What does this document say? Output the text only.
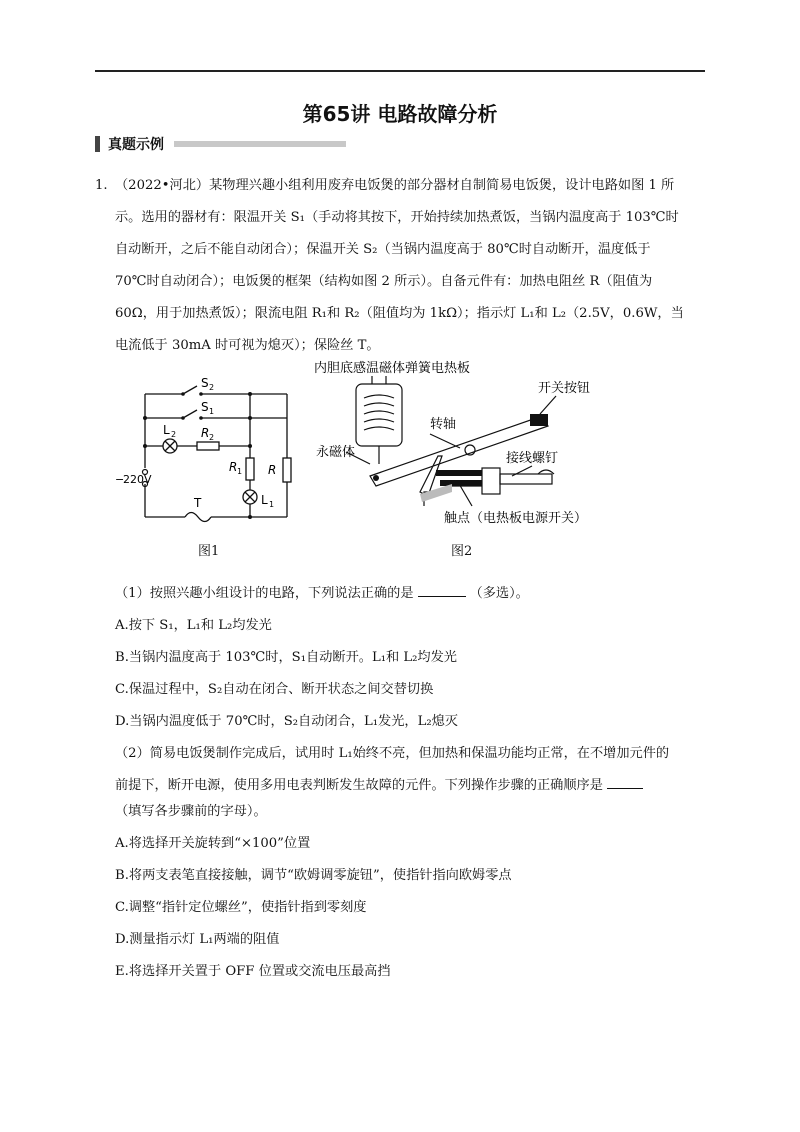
第65讲 电路故障分析
真题示例
1. （2022•河北）某物理兴趣小组利用废弃电饭煲的部分器材自制简易电饭煲，设计电路如图 1 所
示。选用的器材有：限温开关 S₁（手动将其按下，开始持续加热煮饭，当锅内温度高于 103℃时
自动断开，之后不能自动闭合）；保温开关 S₂（当锅内温度高于 80℃时自动断开，温度低于
70℃时自动闭合）；电饭煲的框架（结构如图 2 所示）。自备元件有：加热电阻丝 R（阻值为
60Ω，用于加热煮饭）；限流电阻 R₁和 R₂（阻值均为 1kΩ）；指示灯 L₁和 L₂（2.5V，0.6W，当
电流低于 30mA 时可视为熄灭）；保险丝 T。
S 2
S 1
L 2 R 2
R 1 R
L 1
−
220V
T
图1
内胆底感温磁体弹簧电热板
永磁体
转轴
开关按钮
接线螺钉
触点（电热板电源开关）
图2
（1）按照兴趣小组设计的电路，下列说法正确的是	（多选）。
A.按下 S₁，L₁和 L₂均发光
B.当锅内温度高于 103℃时，S₁自动断开。L₁和 L₂均发光
C.保温过程中，S₂自动在闭合、断开状态之间交替切换
D.当锅内温度低于 70℃时，S₂自动闭合，L₁发光，L₂熄灭
（2）简易电饭煲制作完成后，试用时 L₁始终不亮，但加热和保温功能均正常，在不增加元件的
前提下，断开电源，使用多用电表判断发生故障的元件。下列操作步骤的正确顺序是
（填写各步骤前的字母）。
A.将选择开关旋转到“×100”位置
B.将两支表笔直接接触，调节“欧姆调零旋钮”，使指针指向欧姆零点
C.调整“指针定位螺丝”，使指针指到零刻度
D.测量指示灯 L₁两端的阻值
E.将选择开关置于 OFF 位置或交流电压最高挡
